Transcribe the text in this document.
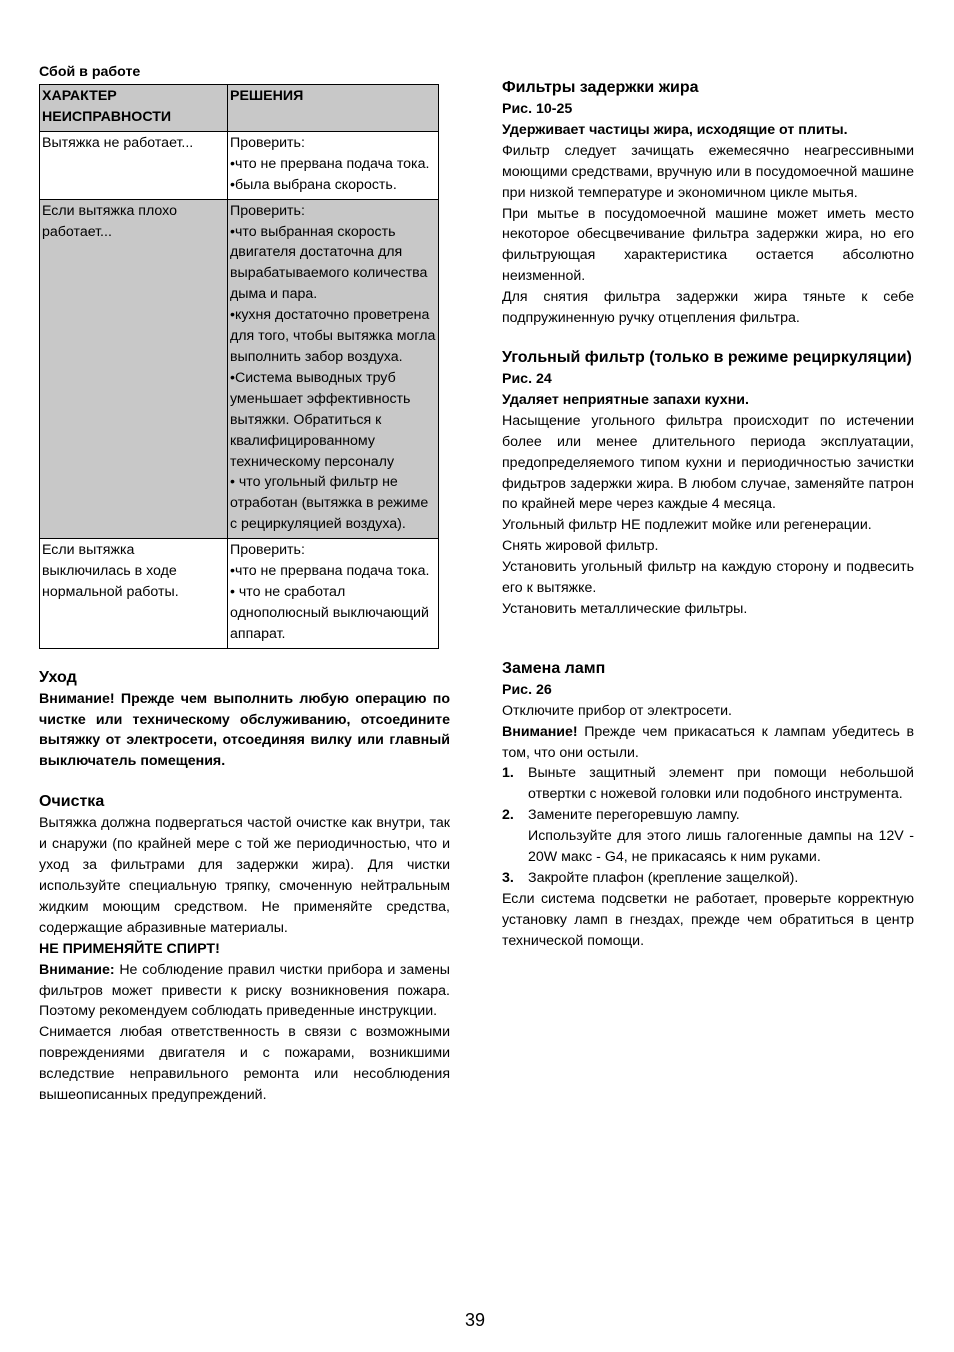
Сбой в работе
ХАРАКТЕР НЕИСПРАВНОСТИ	РЕШЕНИЯ
Вытяжка не работает...	Проверить:
•что не прервана подача тока.
•была выбрана скорость.

Если вытяжка плохо работает...	Проверить:
•что выбранная скорость двигателя достаточна для вырабатываемого количества дыма и пара.
•кухня достаточно проветрена для того, чтобы вытяжка могла выполнить забор воздуха.
•Система выводных труб уменьшает эффективность вытяжки. Обратиться к квалифицированному техническому персоналу
• что угольный фильтр не отработан (вытяжка в режиме с рециркуляцией воздуха).

Если вытяжка выключилась в ходе нормальной работы.	Проверить:
•что не прервана подача тока.
• что не сработал однополюсный выключающий аппарат.
Уход

Внимание! Прежде чем выполнить любую операцию по чистке или техническому обслуживанию, отсоедините вытяжку от электросети, отсоединяя вилку или главный выключатель помещения.

Очистка

Вытяжка должна подвергаться частой очистке как внутри, так и снаружи (по крайней мере с той же периодичностью, что и уход за фильтрами для задержки жира). Для чистки используйте специальную тряпку, смоченную нейтральным жидким моющим средством. Не применяйте средства, содержащие абразивные материалы.

НЕ ПРИМЕНЯЙТЕ СПИРТ!

Внимание: Не соблюдение правил чистки прибора и замены фильтров может привести к риску возникновения пожара. Поэтому рекомендуем соблюдать приведенные инструкции.

Снимается любая ответственность в связи с возможными повреждениями двигателя и с пожарами, возникшими вследствие неправильного ремонта или несоблюдения вышеописанных предупреждений.

Фильтры задержки жира

Рис. 10-25

Удерживает частицы жира, исходящие от плиты.

Фильтр следует зачищать ежемесячно неагрессивными моющими средствами, вручную или в посудомоечной машине при низкой температуре и экономичном цикле мытья.

При мытье в посудомоечной машине может иметь место некоторое обесцвечивание фильтра задержки жира, но его фильтрующая характеристика остается абсолютно неизменной.

Для снятия фильтра задержки жира тяньте к себе подпружиненную ручку отцепления фильтра.

Угольный фильтр (только в режиме рециркуляции)

Рис. 24

Удаляет неприятные запахи кухни.

Насыщение угольного фильтра происходит по истечении более или менее длительного периода эксплуатации, предопределяемого типом кухни и периодичностью зачистки фидьтров задержки жира. В любом случае, заменяйте патрон по крайней мере через каждые 4 месяца.

Угольный фильтр НЕ подлежит мойке или регенерации.

Снять жировой фильтр.

Установить угольный фильтр на каждую сторону и подвесить его к вытяжке.

Установить металлические фильтры.

Замена ламп

Рис. 26

Отключите прибор от электросети.

Внимание! Прежде чем прикасаться к лампам убедитесь в том, что они остыли.

1. Выньте защитный элемент при помощи небольшой отвертки с ножевой головки или подобного инструмента.
2. Замените перегоревшую лампу.
Используйте для этого лишь галогенные дампы на 12V - 20W макс - G4, не прикасаясь к ним руками.
3. Закройте плафон (крепление защелкой).

Если система подсветки не работает, проверьте корректную установку ламп в гнездах, прежде чем обратиться в центр технической помощи.

39
